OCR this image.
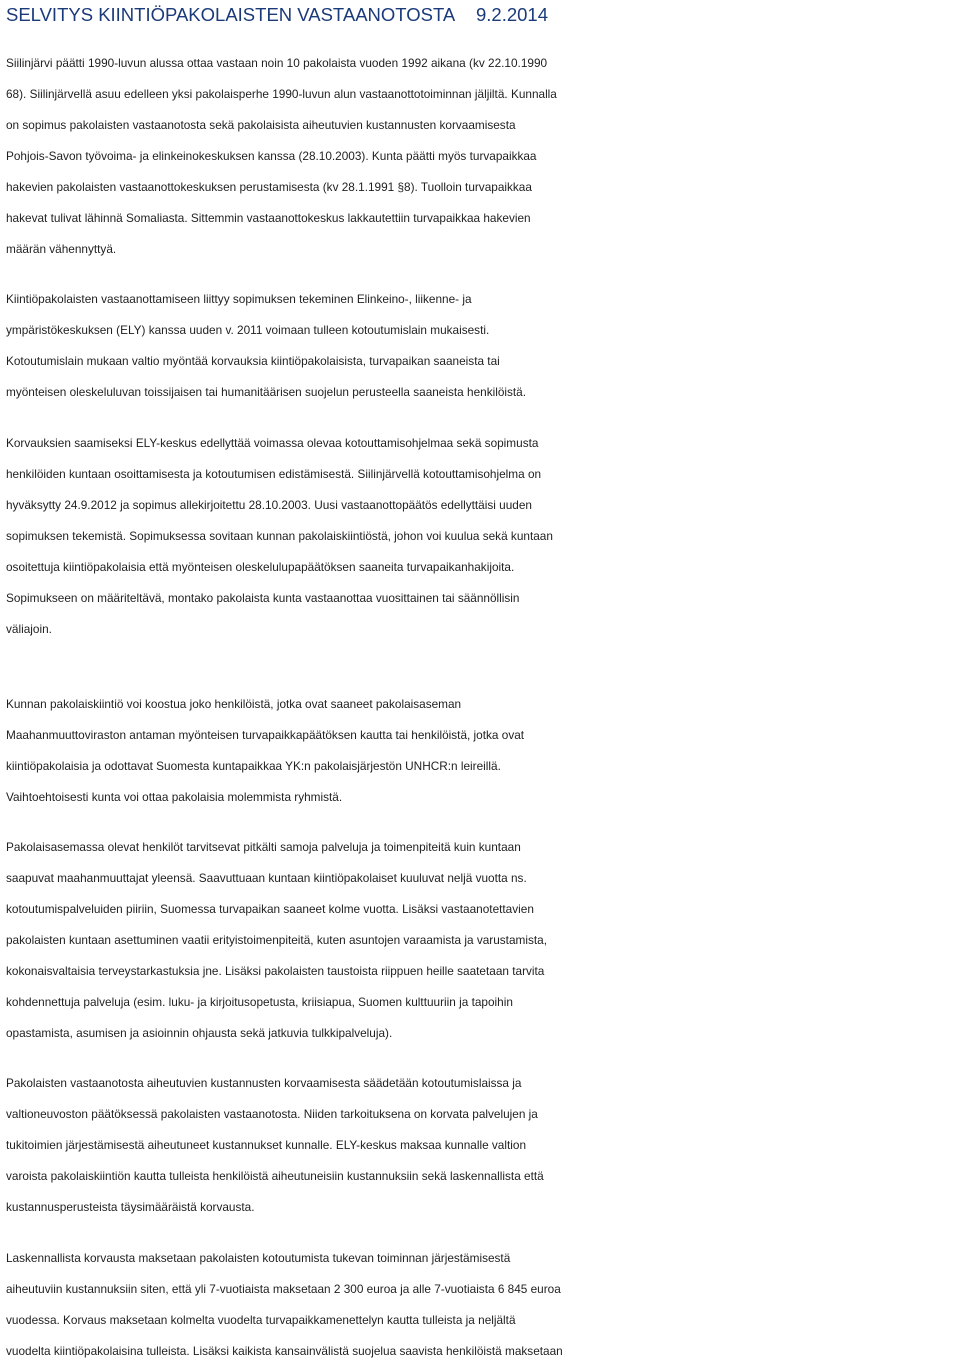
SELVITYS KIINTIÖPAKOLAISTEN VASTAANOTOSTA 9.2.2014

Siilinjärvi päätti 1990-luvun alussa ottaa vastaan noin 10 pakolaista vuoden 1992 aikana (kv 22.10.1990
68). Siilinjärvellä asuu edelleen yksi pakolaisperhe 1990-luvun alun vastaanottotoiminnan jäljiltä. Kunnalla
on sopimus pakolaisten vastaanotosta sekä pakolaisista aiheutuvien kustannusten korvaamisesta
Pohjois-Savon työvoima- ja elinkeinokeskuksen kanssa (28.10.2003). Kunta päätti myös turvapaikkaa
hakevien pakolaisten vastaanottokeskuksen perustamisesta (kv 28.1.1991 §8). Tuolloin turvapaikkaa
hakevat tulivat lähinnä Somaliasta. Sittemmin vastaanottokeskus lakkautettiin turvapaikkaa hakevien
määrän vähennyttyä.

Kiintiöpakolaisten vastaanottamiseen liittyy sopimuksen tekeminen Elinkeino-, liikenne- ja
ympäristökeskuksen (ELY) kanssa uuden v. 2011 voimaan tulleen kotoutumislain mukaisesti.
Kotoutumislain mukaan valtio myöntää korvauksia kiintiöpakolaisista, turvapaikan saaneista tai
myönteisen oleskeluluvan toissijaisen tai humanitäärisen suojelun perusteella saaneista henkilöistä.

Korvauksien saamiseksi ELY-keskus edellyttää voimassa olevaa kotouttamisohjelmaa sekä sopimusta
henkilöiden kuntaan osoittamisesta ja kotoutumisen edistämisestä. Siilinjärvellä kotouttamisohjelma on
hyväksytty 24.9.2012 ja sopimus allekirjoitettu 28.10.2003. Uusi vastaanottopäätös edellyttäisi uuden
sopimuksen tekemistä. Sopimuksessa sovitaan kunnan pakolaiskiintiöstä, johon voi kuulua sekä kuntaan
osoitettuja kiintiöpakolaisia että myönteisen oleskelulupapäätöksen saaneita turvapaikanhakijoita.
Sopimukseen on määriteltävä, montako pakolaista kunta vastaanottaa vuosittainen tai säännöllisin
väliajoin.

Kunnan pakolaiskiintiö voi koostua joko henkilöistä, jotka ovat saaneet pakolaisaseman
Maahanmuuttoviraston antaman myönteisen turvapaikkapäätöksen kautta tai henkilöistä, jotka ovat
kiintiöpakolaisia ja odottavat Suomesta kuntapaikkaa YK:n pakolaisjärjestön UNHCR:n leireillä.
Vaihtoehtoisesti kunta voi ottaa pakolaisia molemmista ryhmistä.

Pakolaisasemassa olevat henkilöt tarvitsevat pitkälti samoja palveluja ja toimenpiteitä kuin kuntaan
saapuvat maahanmuuttajat yleensä. Saavuttuaan kuntaan kiintiöpakolaiset kuuluvat neljä vuotta ns.
kotoutumispalveluiden piiriin, Suomessa turvapaikan saaneet kolme vuotta. Lisäksi vastaanotettavien
pakolaisten kuntaan asettuminen vaatii erityistoimenpiteitä, kuten asuntojen varaamista ja varustamista,
kokonaisvaltaisia terveystarkastuksia jne. Lisäksi pakolaisten taustoista riippuen heille saatetaan tarvita
kohdennettuja palveluja (esim. luku- ja kirjoitusopetusta, kriisiapua, Suomen kulttuuriin ja tapoihin
opastamista, asumisen ja asioinnin ohjausta sekä jatkuvia tulkkipalveluja).

Pakolaisten vastaanotosta aiheutuvien kustannusten korvaamisesta säädetään kotoutumislaissa ja
valtioneuvoston päätöksessä pakolaisten vastaanotosta. Niiden tarkoituksena on korvata palvelujen ja
tukitoimien järjestämisestä aiheutuneet kustannukset kunnalle. ELY-keskus maksaa kunnalle valtion
varoista pakolaiskiintiön kautta tulleista henkilöistä aiheutuneisiin kustannuksiin sekä laskennallista että
kustannusperusteista täysimääräistä korvausta.

Laskennallista korvausta maksetaan pakolaisten kotoutumista tukevan toiminnan järjestämisestä
aiheutuviin kustannuksiin siten, että yli 7-vuotiaista maksetaan 2 300 euroa ja alle 7-vuotiaista 6 845 euroa
vuodessa. Korvaus maksetaan kolmelta vuodelta turvapaikkamenettelyn kautta tulleista ja neljältä
vuodelta kiintiöpakolaisina tulleista. Lisäksi kaikista kansainvälistä suojelua saavista henkilöistä maksetaan
